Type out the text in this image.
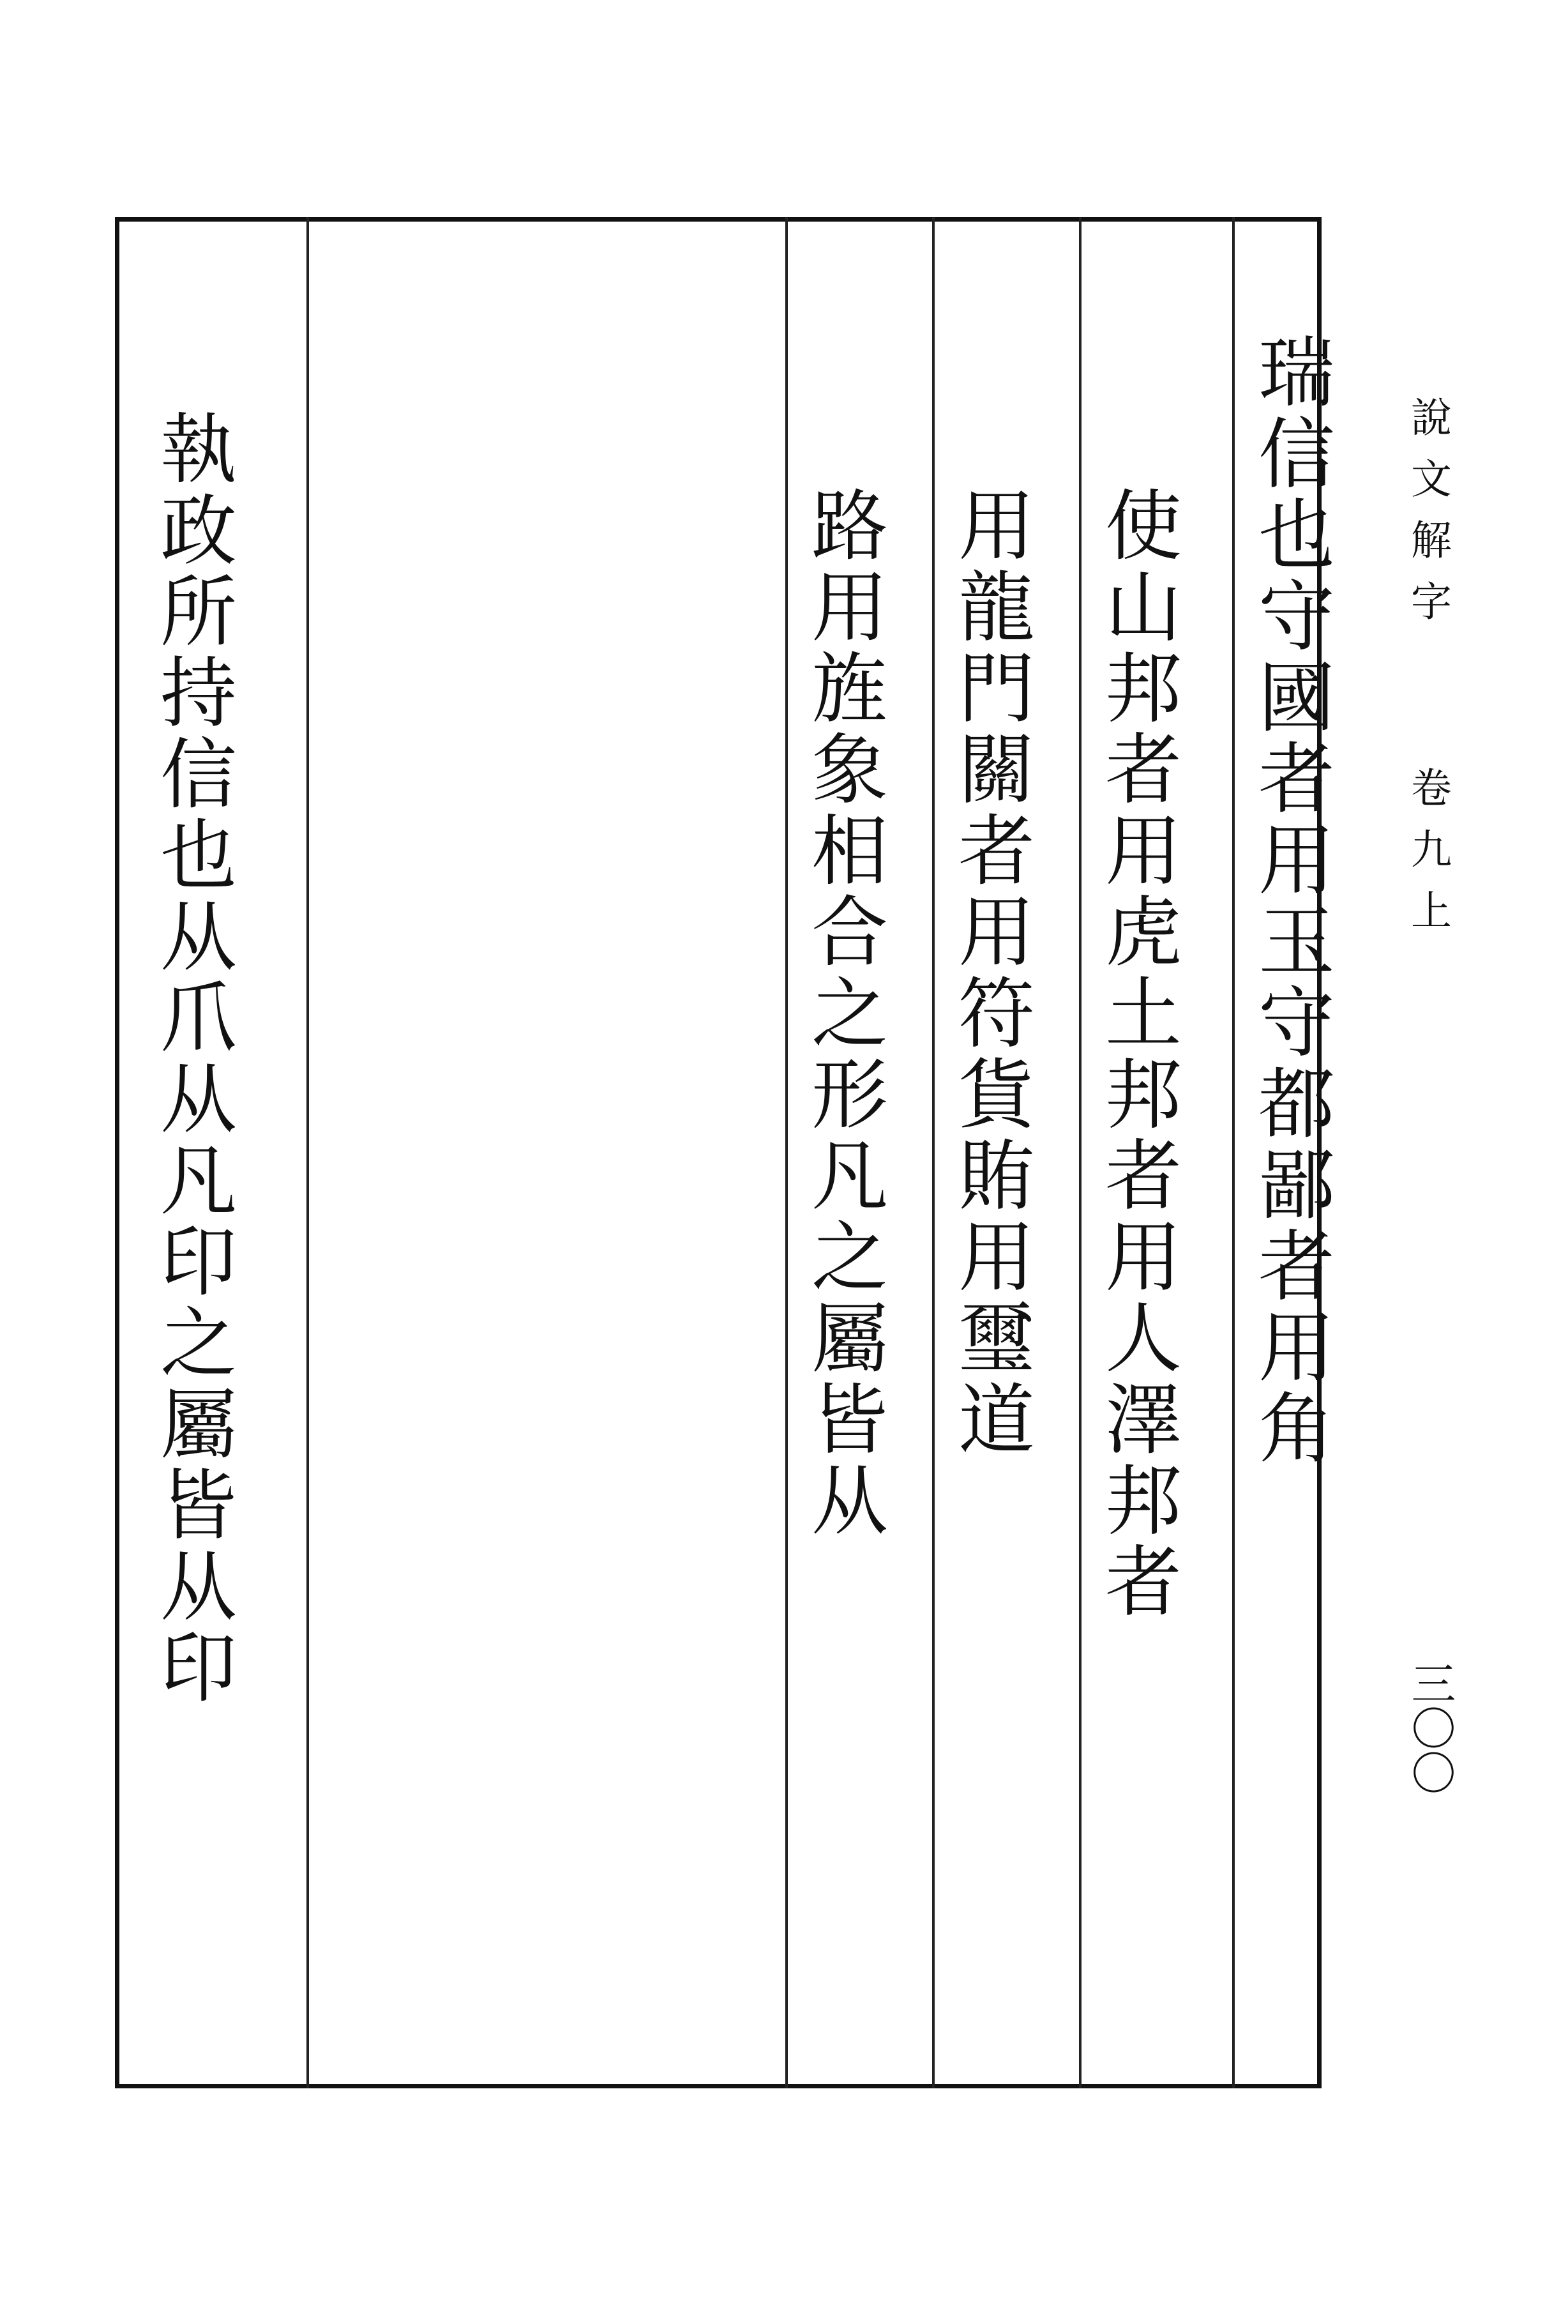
瑞信也守國者用玉守都鄙者用角
使山邦者用虎土邦者用人澤邦者
用龍門關者用符貨賄用璽道
路用旌象相合之形凡之屬皆从
執政所持信也从爪从凡印之屬皆从印	說文解字
卷九上
三〇〇
small annotation text not transcribed
